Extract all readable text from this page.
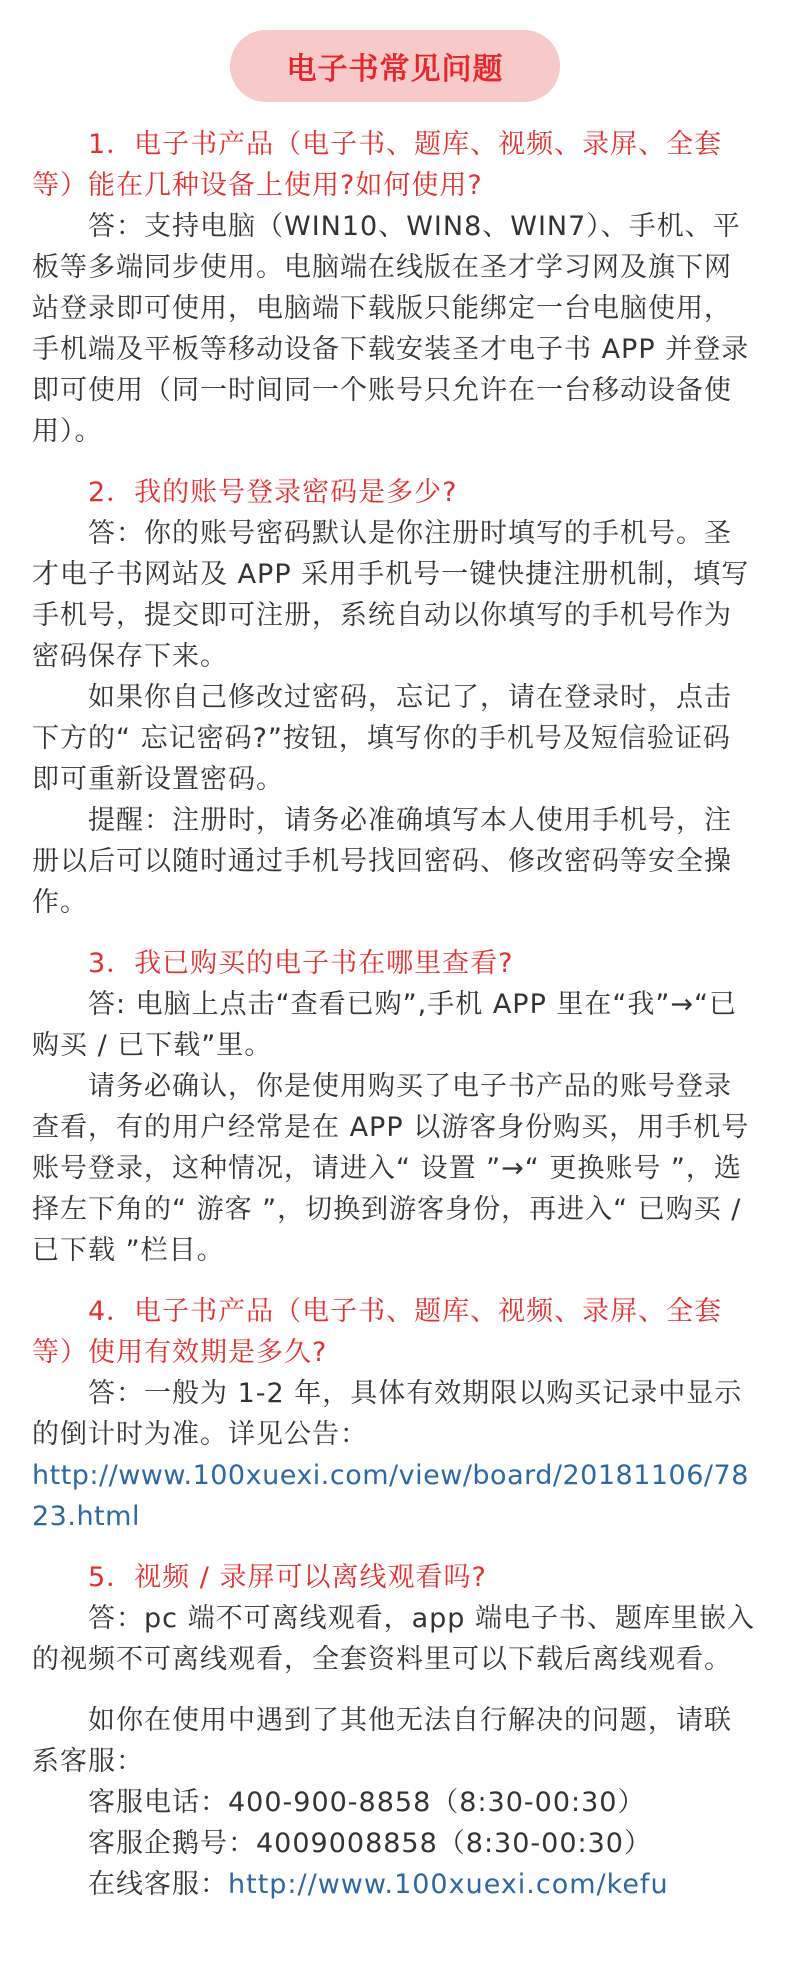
电子书常见问题

1．电子书产品（电子书、题库、视频、录屏、全套等）能在几种设备上使用?如何使用?

答：支持电脑（WIN10、WIN8、WIN7）、手机、平板等多端同步使用。电脑端在线版在圣才学习网及旗下网站登录即可使用，电脑端下载版只能绑定一台电脑使用，手机端及平板等移动设备下载安装圣才电子书 APP 并登录即可使用（同一时间同一个账号只允许在一台移动设备使用）。

2．我的账号登录密码是多少?

答：你的账号密码默认是你注册时填写的手机号。圣才电子书网站及 APP 采用手机号一键快捷注册机制，填写手机号，提交即可注册，系统自动以你填写的手机号作为密码保存下来。

如果你自己修改过密码，忘记了，请在登录时，点击下方的“ 忘记密码?”按钮，填写你的手机号及短信验证码即可重新设置密码。

提醒：注册时，请务必准确填写本人使用手机号，注册以后可以随时通过手机号找回密码、修改密码等安全操作。

3．我已购买的电子书在哪里查看?

答: 电脑上点击“查看已购”,手机 APP 里在“我”→“已购买 / 已下载”里。

请务必确认，你是使用购买了电子书产品的账号登录查看，有的用户经常是在 APP 以游客身份购买，用手机号账号登录，这种情况，请进入“ 设置 ”→“ 更换账号 ”，选择左下角的“ 游客 ”，切换到游客身份，再进入“ 已购买 / 已下载 ”栏目。

4．电子书产品（电子书、题库、视频、录屏、全套等）使用有效期是多久?

答：一般为 1-2 年，具体有效期限以购买记录中显示的倒计时为准。详见公告：

http://www.100xuexi.com/view/board/20181106/7823.html

5．视频 / 录屏可以离线观看吗?

答：pc 端不可离线观看，app 端电子书、题库里嵌入的视频不可离线观看，全套资料里可以下载后离线观看。

如你在使用中遇到了其他无法自行解决的问题，请联系客服：

客服电话：400-900-8858（8:30-00:30）

客服企鹅号：4009008858（8:30-00:30）

在线客服：http://www.100xuexi.com/kefu
